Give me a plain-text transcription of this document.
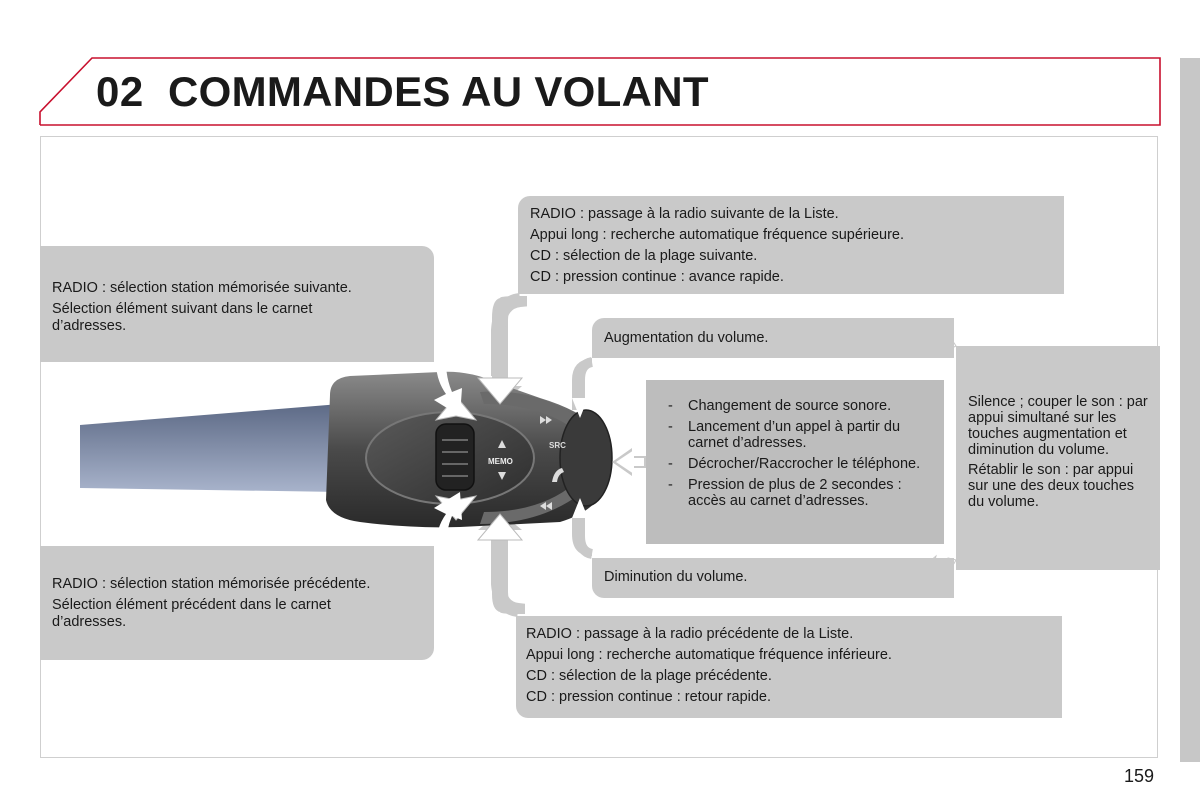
02 COMMANDES AU VOLANT
MEMO
SRC

RADIO : sélection station mémorisée suivante.

Sélection élément suivant dans le carnet d’adresses.

RADIO : sélection station mémorisée précédente.

Sélection élément précédent dans le carnet d’adresses.

RADIO : passage à la radio suivante de la Liste.

Appui long : recherche automatique fréquence supérieure.

CD : sélection de la plage suivante.

CD : pression continue : avance rapide.

RADIO : passage à la radio précédente de la Liste.

Appui long : recherche automatique fréquence inférieure.

CD : sélection de la plage précédente.

CD : pression continue : retour rapide.

Augmentation du volume.

Diminution du volume.

Silence ; couper le son : par appui simultané sur les touches augmentation et diminution du volume.

Rétablir le son : par appui sur une des deux touches du volume.

- Changement de source sonore.
- Lancement d’un appel à partir du carnet d’adresses.
- Décrocher/Raccrocher le téléphone.
- Pression de plus de 2 secondes : accès au carnet d’adresses.
159
